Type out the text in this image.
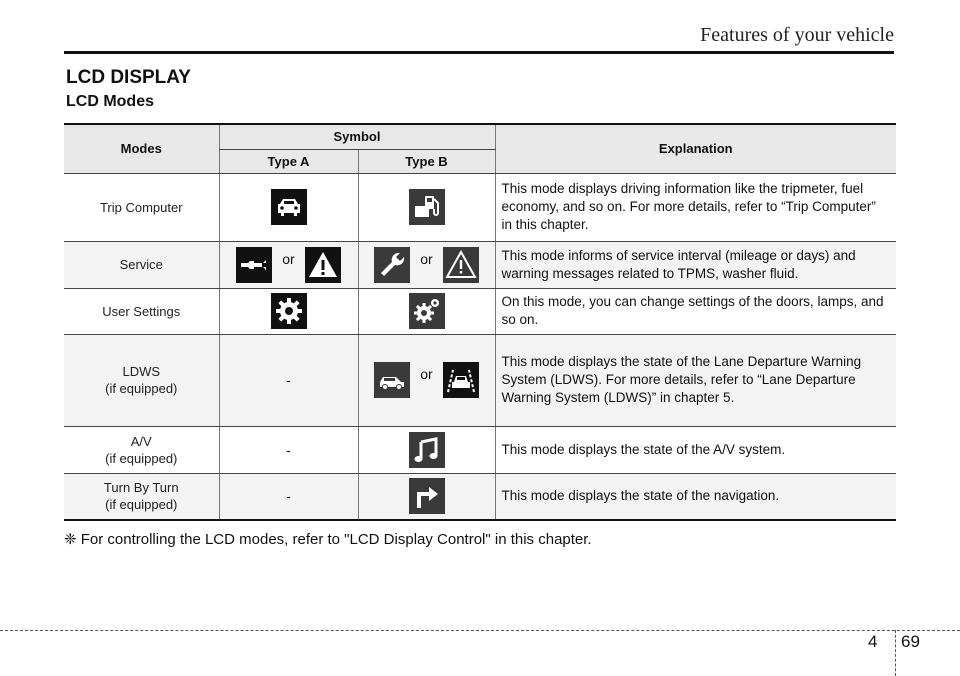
Features of your vehicle
LCD DISPLAY
LCD Modes
Modes	Symbol		Explanation
	Type A	Type B	
Trip Computer			This mode displays driving information like the tripmeter, fuel economy, and so on. For more details, refer to “Trip Computer” in this chapter.
Service	or	or	This mode informs of service interval (mileage or days) and warning messages related to TPMS, washer fluid.
User Settings			On this mode, you can change settings of the doors, lamps, and so on.
LDWS
(if equipped)	-	or	This mode displays the state of the Lane Departure Warning System (LDWS). For more details, refer to “Lane Departure Warning System (LDWS)” in chapter 5.
A/V
(if equipped)	-		This mode displays the state of the A/V system.
Turn By Turn
(if equipped)	-		This mode displays the state of the navigation.
❈ For controlling the LCD modes, refer to "LCD Display Control" in this chapter.
4 69
